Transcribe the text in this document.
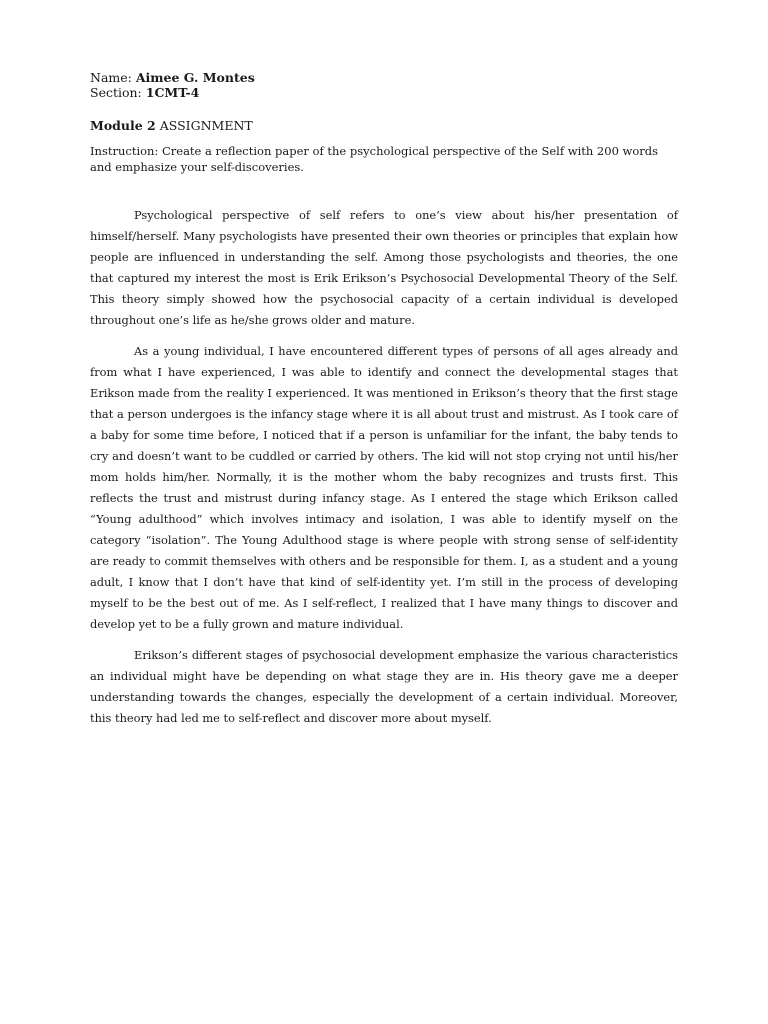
Name: Aimee G. Montes

Section: 1CMT-4

Module 2 ASSIGNMENT

Instruction: Create a reflection paper of the psychological perspective of the Self with 200 words and emphasize your self-discoveries.

Psychological perspective of self refers to one’s view about his/her presentation of himself/herself. Many psychologists have presented their own theories or principles that explain how people are influenced in understanding the self. Among those psychologists and theories, the one that captured my interest the most is Erik Erikson’s Psychosocial Developmental Theory of the Self. This theory simply showed how the psychosocial capacity of a certain individual is developed throughout one’s life as he/she grows older and mature.

As a young individual, I have encountered different types of persons of all ages already and from what I have experienced, I was able to identify and connect the developmental stages that Erikson made from the reality I experienced. It was mentioned in Erikson’s theory that the first stage that a person undergoes is the infancy stage where it is all about trust and mistrust. As I took care of a baby for some time before, I noticed that if a person is unfamiliar for the infant, the baby tends to cry and doesn’t want to be cuddled or carried by others. The kid will not stop crying not until his/her mom holds him/her. Normally, it is the mother whom the baby recognizes and trusts first. This reflects the trust and mistrust during infancy stage. As I entered the stage which Erikson called “Young adulthood” which involves intimacy and isolation, I was able to identify myself on the category “isolation”. The Young Adulthood stage is where people with strong sense of self-identity are ready to commit themselves with others and be responsible for them. I, as a student and a young adult, I know that I don’t have that kind of self-identity yet. I’m still in the process of developing myself to be the best out of me. As I self-reflect, I realized that I have many things to discover and develop yet to be a fully grown and mature individual.

Erikson’s different stages of psychosocial development emphasize the various characteristics an individual might have be depending on what stage they are in. His theory gave me a deeper understanding towards the changes, especially the development of a certain individual. Moreover, this theory had led me to self-reflect and discover more about myself.
